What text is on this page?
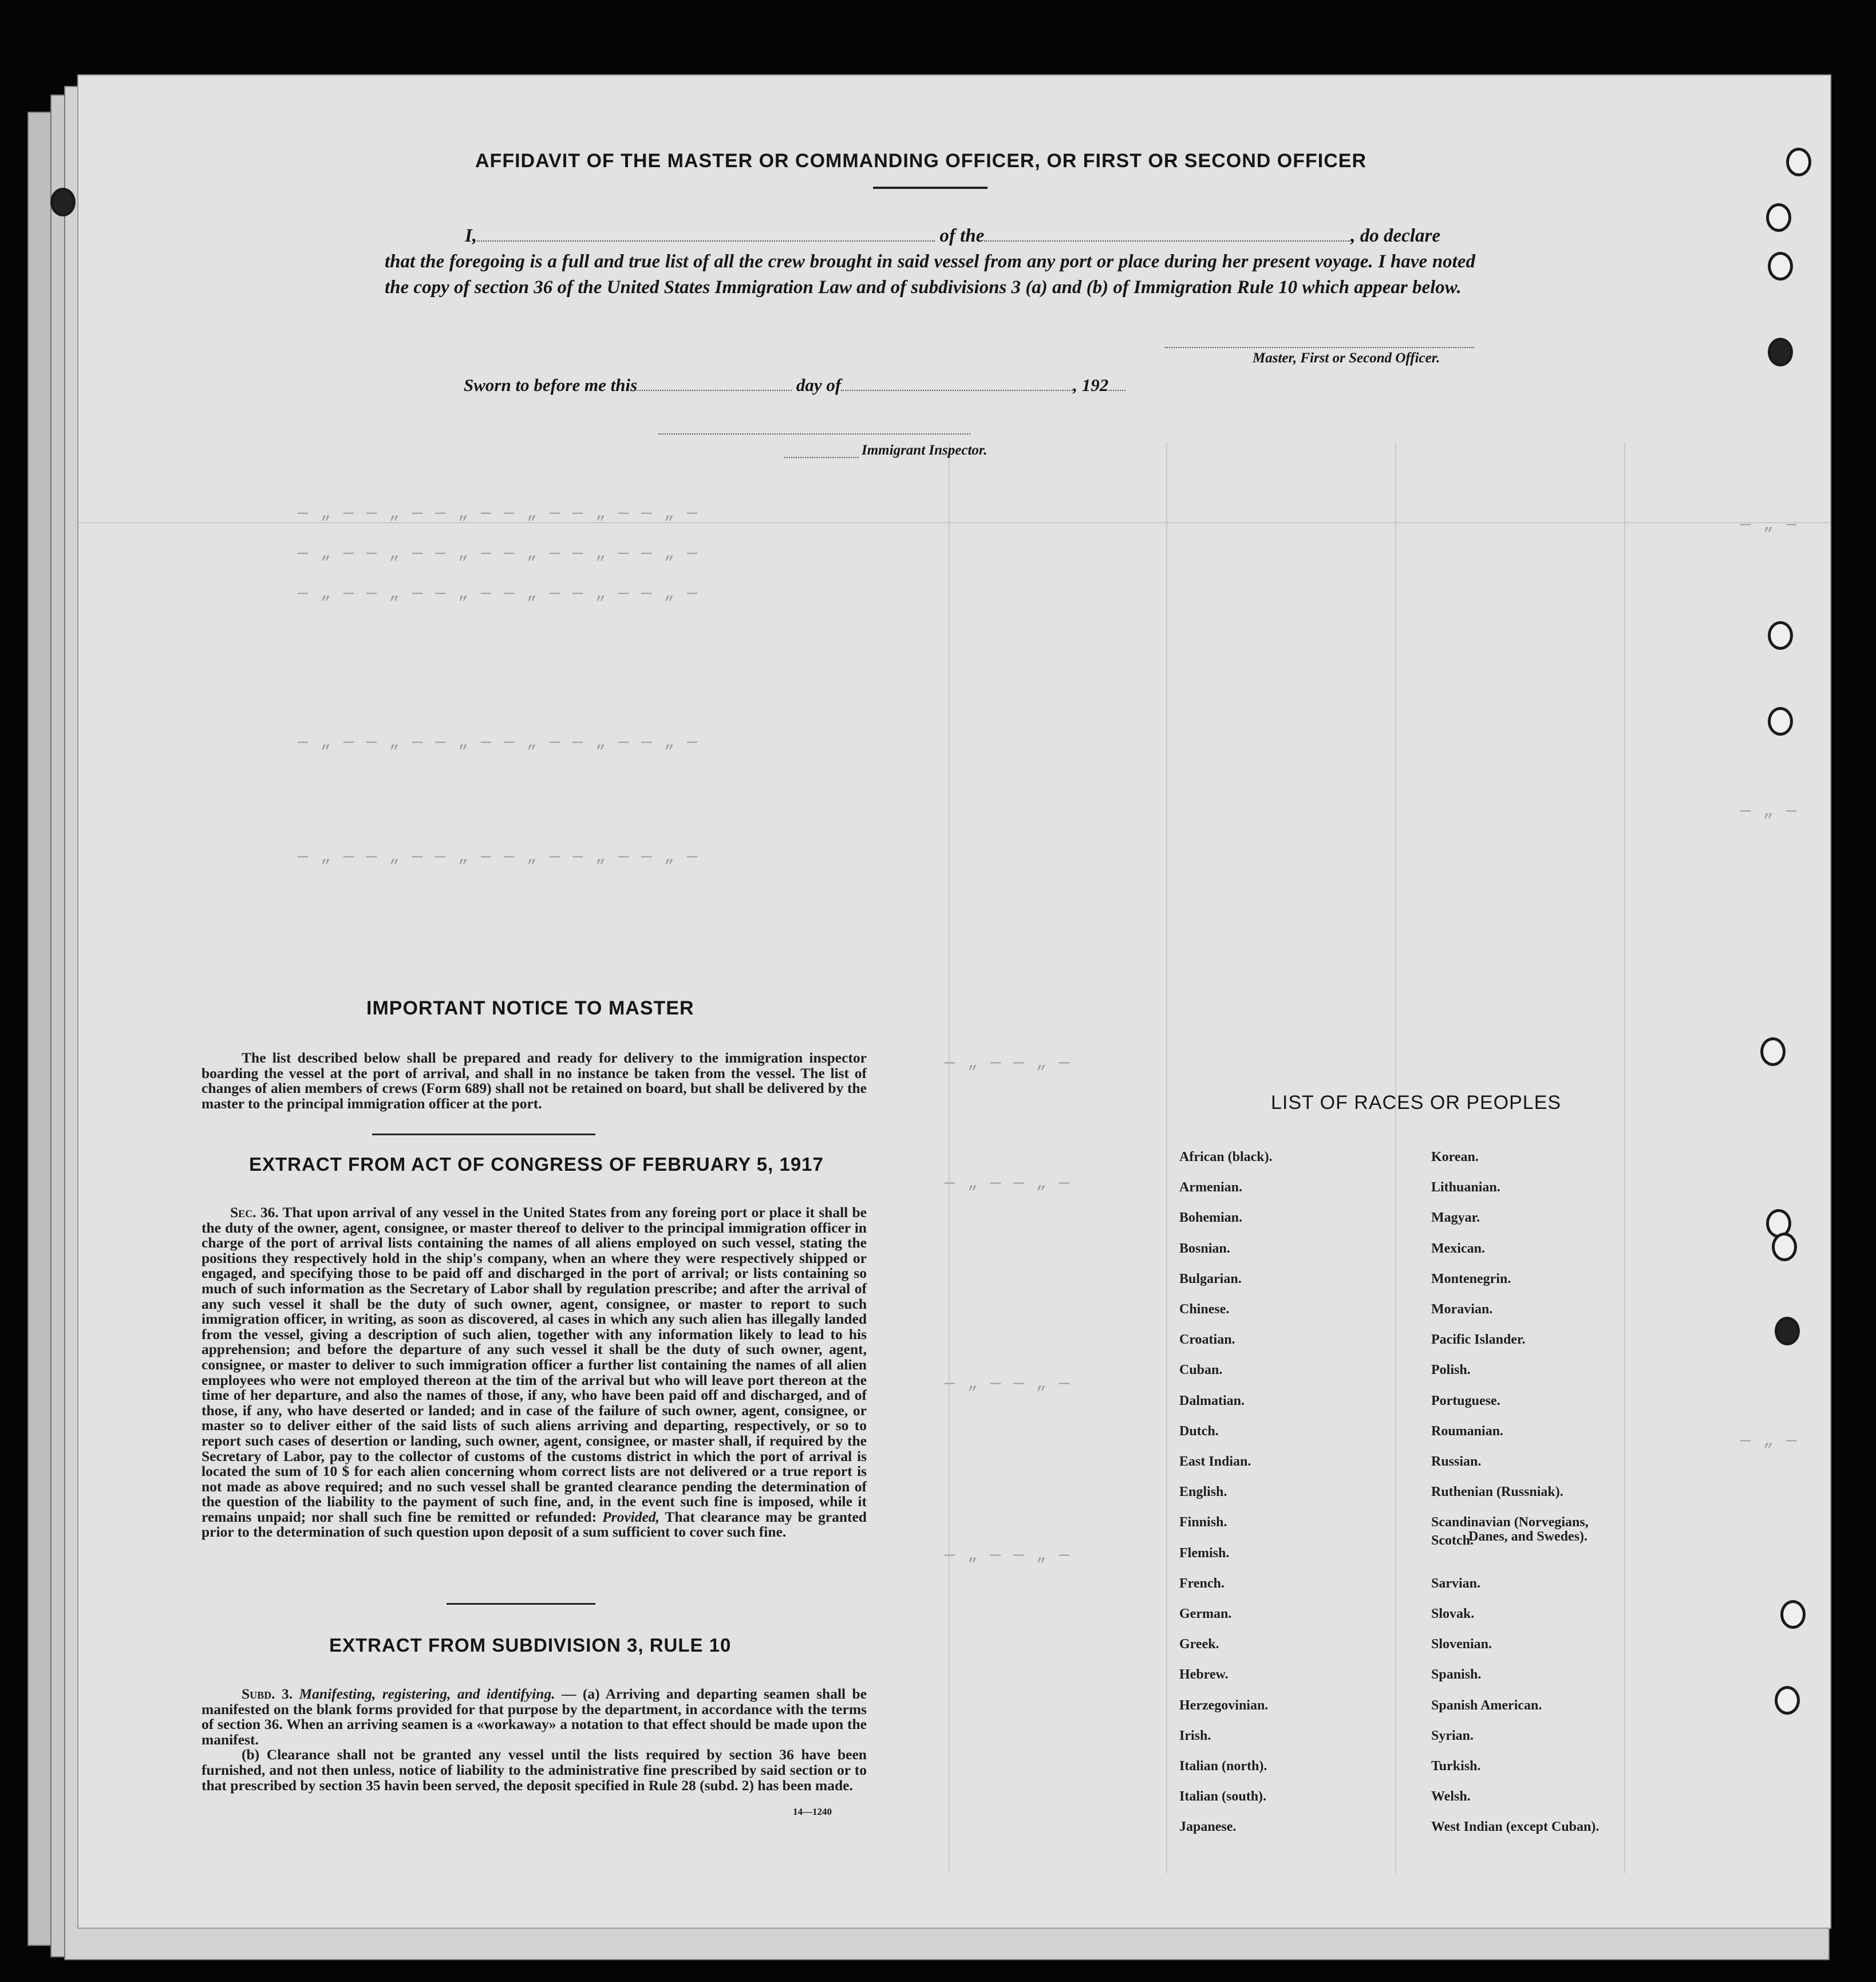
— „ — — „ — — „ — — „ — — „ — — „ —
— „ — — „ — — „ — — „ — — „ — — „ —
— „ — — „ — — „ — — „ — — „ — — „ —
— „ — — „ — — „ — — „ — — „ — — „ —
— „ — — „ — — „ — — „ — — „ — — „ —
— „ — — „ —
— „ — — „ —
— „ — — „ —
— „ — — „ —
— „ —
— „ —
— „ —
AFFIDAVIT OF THE MASTER OR COMMANDING OFFICER, OR FIRST OR SECOND OFFICER
I,	of the	, do declare
that the foregoing is a full and true list of all the crew brought in said vessel from any port or place during her present voyage. I have noted the copy of section 36 of the United States Immigration Law and of subdivisions 3 (a) and (b) of Immigration Rule 10 which appear below.
Master, First or Second Officer.
Sworn to before me this	day of	, 192
Immigrant Inspector.
IMPORTANT NOTICE TO MASTER
The list described below shall be prepared and ready for delivery to the immigration inspector boarding the vessel at the port of arrival, and shall in no instance be taken from the vessel. The list of changes of alien members of crews (Form 689) shall not be retained on board, but shall be delivered by the master to the principal immigration officer at the port.
EXTRACT FROM ACT OF CONGRESS OF FEBRUARY 5, 1917
Sec. 36. That upon arrival of any vessel in the United States from any foreing port or place it shall be the duty of the owner, agent, consignee, or master thereof to deliver to the principal immigration officer in charge of the port of arrival lists containing the names of all aliens employed on such vessel, stating the positions they respectively hold in the ship's company, when an where they were respectively shipped or engaged, and specifying those to be paid off and discharged in the port of arrival; or lists containing so much of such information as the Secretary of Labor shall by regulation prescribe; and after the arrival of any such vessel it shall be the duty of such owner, agent, consignee, or master to report to such immigration officer, in writing, as soon as discovered, al cases in which any such alien has illegally landed from the vessel, giving a description of such alien, together with any information likely to lead to his apprehension; and before the departure of any such vessel it shall be the duty of such owner, agent, consignee, or master to deliver to such immigration officer a further list containing the names of all alien employees who were not employed thereon at the tim of the arrival but who will leave port thereon at the time of her departure, and also the names of those, if any, who have been paid off and discharged, and of those, if any, who have deserted or landed; and in case of the failure of such owner, agent, consignee, or master so to deliver either of the said lists of such aliens arriving and departing, respectively, or so to report such cases of desertion or landing, such owner, agent, consignee, or master shall, if required by the Secretary of Labor, pay to the collector of customs of the customs district in which the port of arrival is located the sum of 10 $ for each alien concerning whom correct lists are not delivered or a true report is not made as above required; and no such vessel shall be granted clearance pending the determination of the question of the liability to the payment of such fine, and, in the event such fine is imposed, while it remains unpaid; nor shall such fine be remitted or refunded: Provided, That clearance may be granted prior to the determination of such question upon deposit of a sum sufficient to cover such fine.
EXTRACT FROM SUBDIVISION 3, RULE 10
Subd. 3. Manifesting, registering, and identifying. — (a) Arriving and departing seamen shall be manifested on the blank forms provided for that purpose by the department, in accordance with the terms of section 36. When an arriving seamen is a «workaway» a notation to that effect should be made upon the manifest.
(b) Clearance shall not be granted any vessel until the lists required by section 36 have been furnished, and not then unless, notice of liability to the administrative fine prescribed by said section or to that prescribed by section 35 havin been served, the deposit specified in Rule 28 (subd. 2) has been made.
14—1240
LIST OF RACES OR PEOPLES
African (black).
Armenian.
Bohemian.
Bosnian.
Bulgarian.
Chinese.
Croatian.
Cuban.
Dalmatian.
Dutch.
East Indian.
English.
Finnish.
Flemish.
French.
German.
Greek.
Hebrew.
Herzegovinian.
Irish.
Italian (north).
Italian (south).
Japanese.
Korean.
Lithuanian.
Magyar.
Mexican.
Montenegrin.
Moravian.
Pacific Islander.
Polish.
Portuguese.
Roumanian.
Russian.
Ruthenian (Russniak).
Scandinavian (Norvegians,
Danes, and Swedes).
Scotch.
Sarvian.
Slovak.
Slovenian.
Spanish.
Spanish American.
Syrian.
Turkish.
Welsh.
West Indian (except Cuban).
